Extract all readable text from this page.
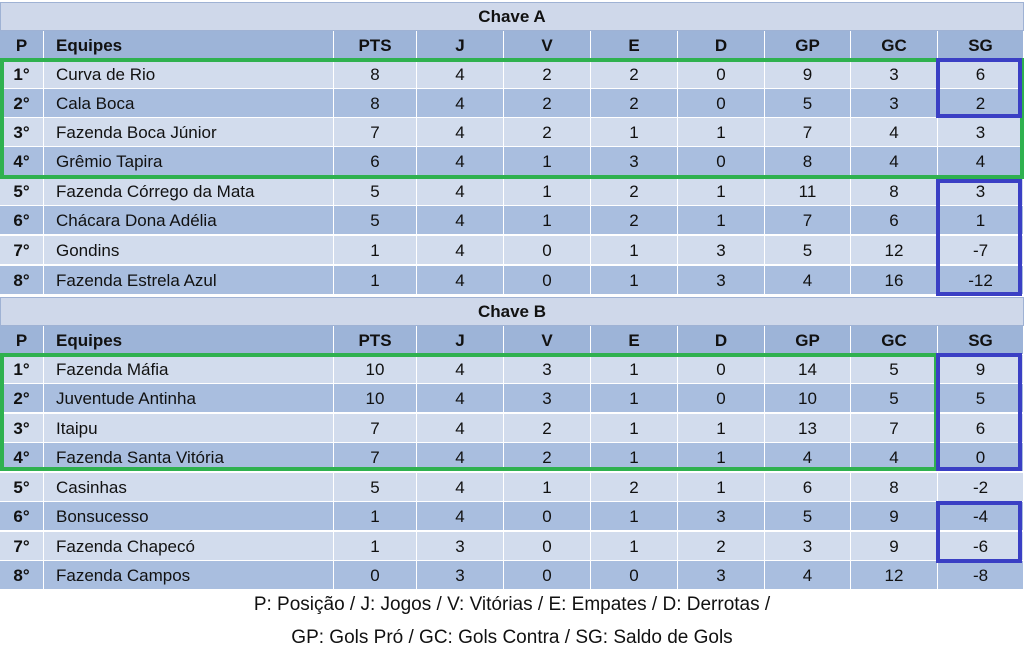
Chave A
P	Equipes	PTS	J	V	E	D	GP	GC	SG
1°	Curva de Rio	8	4	2	2	0	9	3	6
2°	Cala Boca	8	4	2	2	0	5	3	2
3°	Fazenda Boca Júnior	7	4	2	1	1	7	4	3
4°	Grêmio Tapira	6	4	1	3	0	8	4	4
5°	Fazenda Córrego da Mata	5	4	1	2	1	11	8	3
6°	Chácara Dona Adélia	5	4	1	2	1	7	6	1
7°	Gondins	1	4	0	1	3	5	12	-7
8°	Fazenda Estrela Azul	1	4	0	1	3	4	16	-12
Chave B
P	Equipes	PTS	J	V	E	D	GP	GC	SG
1°	Fazenda Máfia	10	4	3	1	0	14	5	9
2°	Juventude Antinha	10	4	3	1	0	10	5	5
3°	Itaipu	7	4	2	1	1	13	7	6
4°	Fazenda Santa Vitória	7	4	2	1	1	4	4	0
5°	Casinhas	5	4	1	2	1	6	8	-2
6°	Bonsucesso	1	4	0	1	3	5	9	-4
7°	Fazenda Chapecó	1	3	0	1	2	3	9	-6
8°	Fazenda Campos	0	3	0	0	3	4	12	-8
P: Posição / J: Jogos / V: Vitórias / E: Empates / D: Derrotas /
GP: Gols Pró / GC: Gols Contra / SG: Saldo de Gols
